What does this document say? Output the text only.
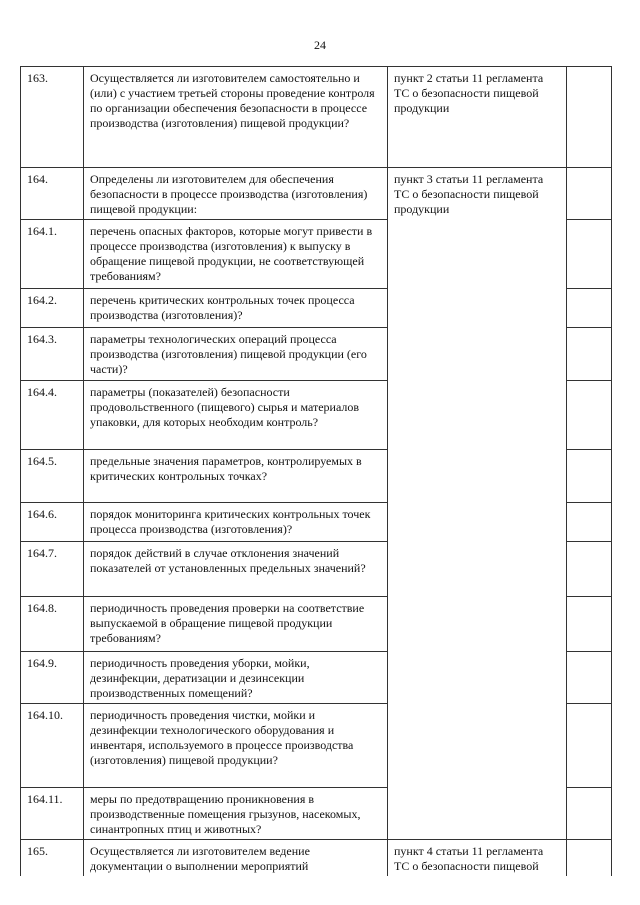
24
163.	Осуществляется ли изготовителем самостоятельно и (или) с участием третьей стороны проведение контроля по организации обеспечения безопасности в процессе производства (изготовления) пищевой продукции?	пункт 2 статьи 11 регламента ТС о безопасности пищевой продукции	
164.	Определены ли изготовителем для обеспечения безопасности в процессе производства (изготовления) пищевой продукции:	пункт 3 статьи 11 регламента ТС о безопасности пищевой продукции	
164.1.	перечень опасных факторов, которые могут привести в процессе производства (изготовления) к выпуску в обращение пищевой продукции, не соответствующей требованиям?		
164.2.	перечень критических контрольных точек процесса производства (изготовления)?		
164.3.	параметры технологических операций процесса производства (изготовления) пищевой продукции (его части)?		
164.4.	параметры (показателей) безопасности продовольственного (пищевого) сырья и материалов упаковки, для которых необходим контроль?		
164.5.	предельные значения параметров, контролируемых в критических контрольных точках?		
164.6.	порядок мониторинга критических контрольных точек процесса производства (изготовления)?		
164.7.	порядок действий в случае отклонения значений показателей от установленных предельных значений?		
164.8.	периодичность проведения проверки на соответствие выпускаемой в обращение пищевой продукции требованиям?		
164.9.	периодичность проведения уборки, мойки, дезинфекции, дератизации и дезинсекции производственных помещений?		
164.10.	периодичность проведения чистки, мойки и дезинфекции технологического оборудования и инвентаря, используемого в процессе производства (изготовления) пищевой продукции?		
164.11.	меры по предотвращению проникновения в производственные помещения грызунов, насекомых, синантропных птиц и животных?		
165.	Осуществляется ли изготовителем ведение документации о выполнении мероприятий	пункт 4 статьи 11 регламента ТС о безопасности пищевой	
